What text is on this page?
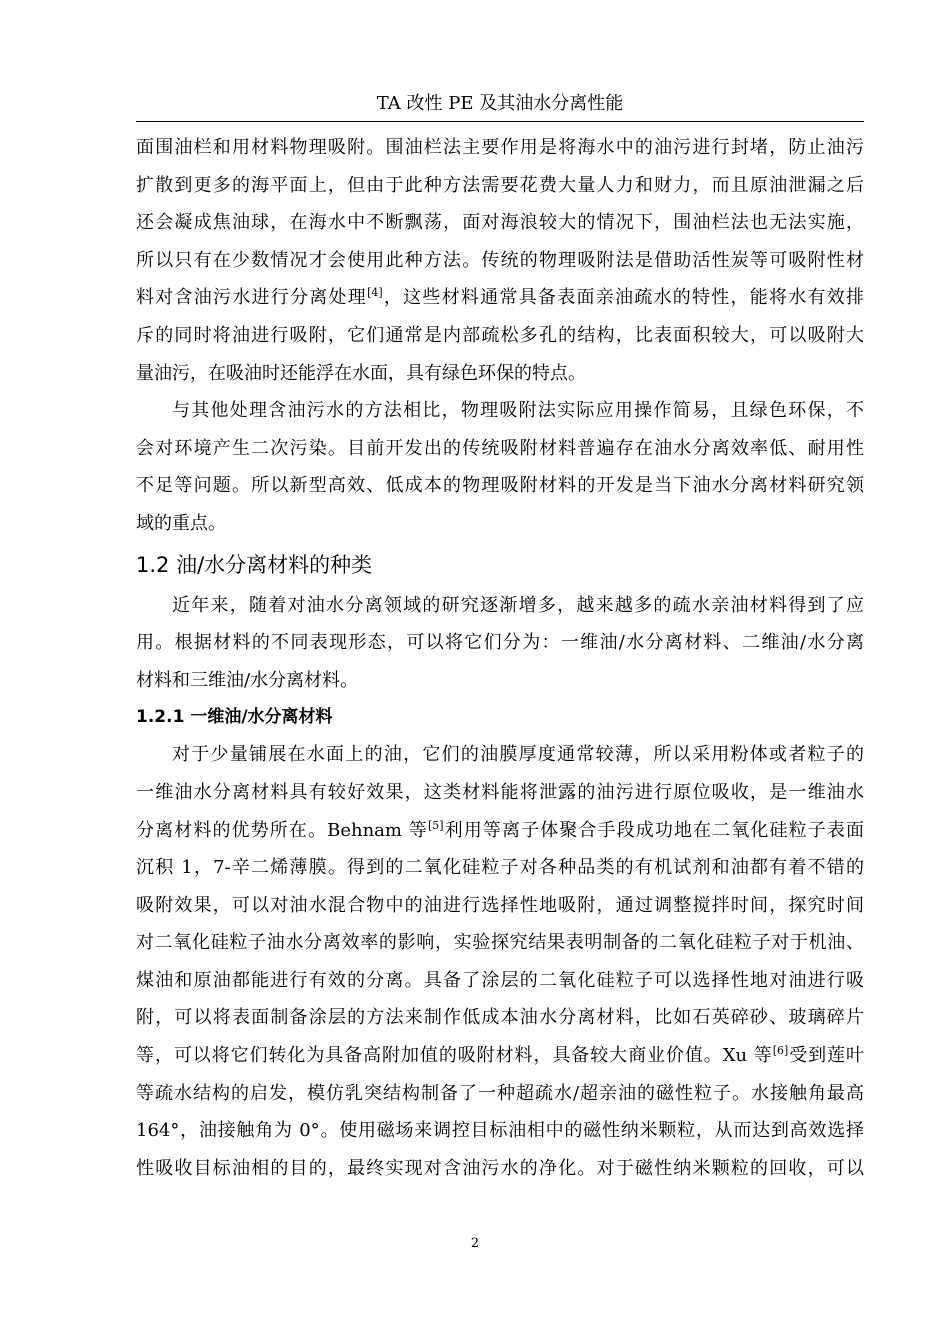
TA 改性 PE 及其油水分离性能
面围油栏和用材料物理吸附。围油栏法主要作用是将海水中的油污进行封堵，防止油污
扩散到更多的海平面上，但由于此种方法需要花费大量人力和财力，而且原油泄漏之后
还会凝成焦油球，在海水中不断飘荡，面对海浪较大的情况下，围油栏法也无法实施，
所以只有在少数情况才会使用此种方法。传统的物理吸附法是借助活性炭等可吸附性材
料对含油污水进行分离处理[4]，这些材料通常具备表面亲油疏水的特性，能将水有效排
斥的同时将油进行吸附，它们通常是内部疏松多孔的结构，比表面积较大，可以吸附大
量油污，在吸油时还能浮在水面，具有绿色环保的特点。
与其他处理含油污水的方法相比，物理吸附法实际应用操作简易，且绿色环保，不
会对环境产生二次污染。目前开发出的传统吸附材料普遍存在油水分离效率低、耐用性
不足等问题。所以新型高效、低成本的物理吸附材料的开发是当下油水分离材料研究领
域的重点。
1.2 油/水分离材料的种类
近年来，随着对油水分离领域的研究逐渐增多，越来越多的疏水亲油材料得到了应
用。根据材料的不同表现形态，可以将它们分为：一维油/水分离材料、二维油/水分离
材料和三维油/水分离材料。
1.2.1 一维油/水分离材料
对于少量铺展在水面上的油，它们的油膜厚度通常较薄，所以采用粉体或者粒子的
一维油水分离材料具有较好效果，这类材料能将泄露的油污进行原位吸收，是一维油水
分离材料的优势所在。Behnam 等[5]利用等离子体聚合手段成功地在二氧化硅粒子表面
沉积 1，7-辛二烯薄膜。得到的二氧化硅粒子对各种品类的有机试剂和油都有着不错的
吸附效果，可以对油水混合物中的油进行选择性地吸附，通过调整搅拌时间，探究时间
对二氧化硅粒子油水分离效率的影响，实验探究结果表明制备的二氧化硅粒子对于机油、
煤油和原油都能进行有效的分离。具备了涂层的二氧化硅粒子可以选择性地对油进行吸
附，可以将表面制备涂层的方法来制作低成本油水分离材料，比如石英碎砂、玻璃碎片
等，可以将它们转化为具备高附加值的吸附材料，具备较大商业价值。Xu 等[6]受到莲叶
等疏水结构的启发，模仿乳突结构制备了一种超疏水/超亲油的磁性粒子。水接触角最高
164°，油接触角为 0°。使用磁场来调控目标油相中的磁性纳米颗粒，从而达到高效选择
性吸收目标油相的目的，最终实现对含油污水的净化。对于磁性纳米颗粒的回收，可以
2
